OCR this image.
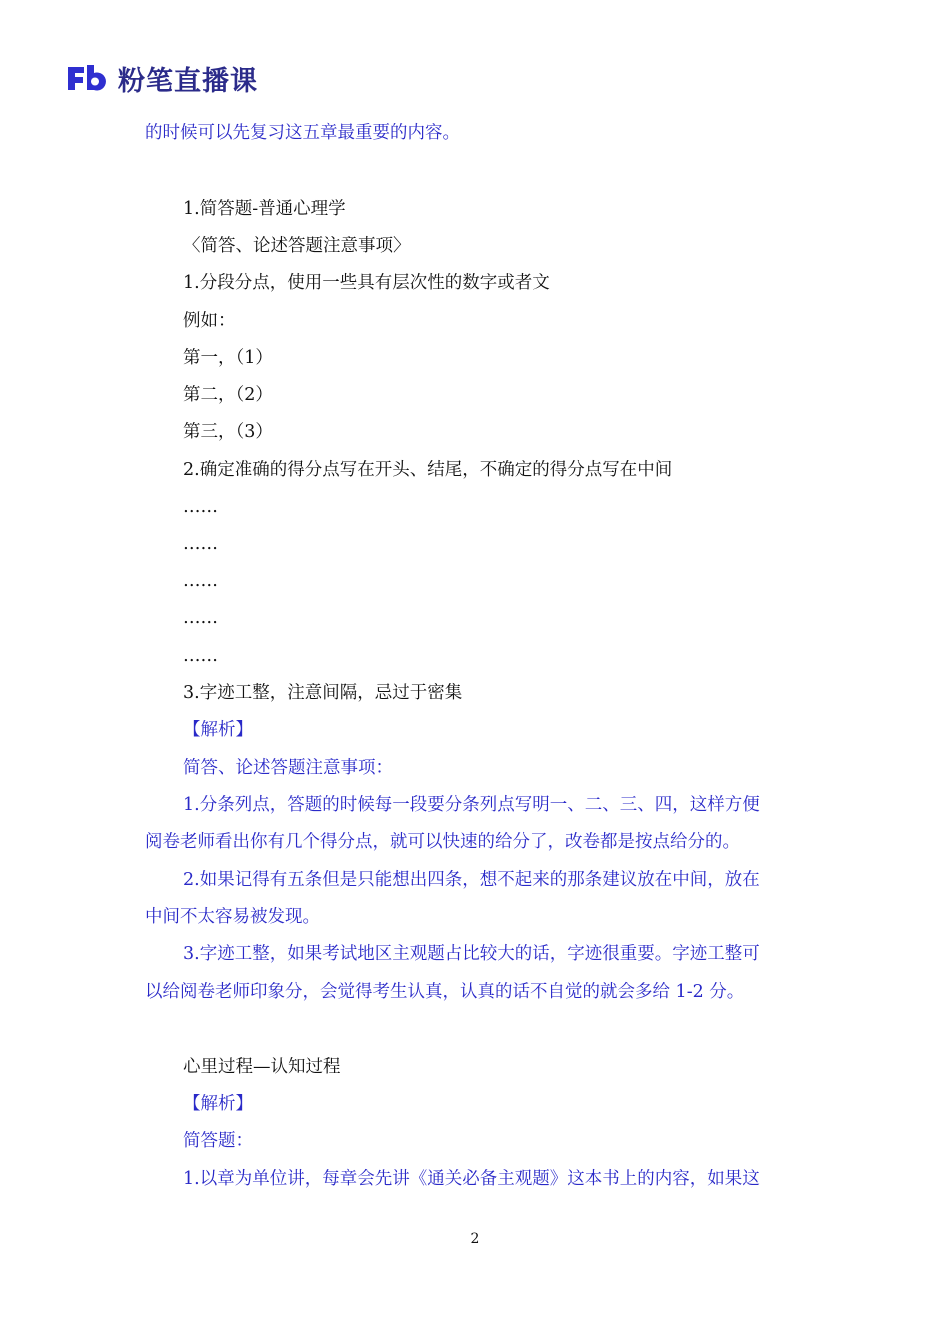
粉笔直播课
的时候可以先复习这五章最重要的内容。
1.简答题-普通心理学
〈简答、论述答题注意事项〉
1.分段分点，使用一些具有层次性的数字或者文
例如：
第一，（1）
第二，（2）
第三，（3）
2.确定准确的得分点写在开头、结尾，不确定的得分点写在中间
……
……
……
……
……
3.字迹工整，注意间隔，忌过于密集
【解析】
简答、论述答题注意事项：
1.分条列点，答题的时候每一段要分条列点写明一、二、三、四，这样方便
阅卷老师看出你有几个得分点，就可以快速的给分了，改卷都是按点给分的。
2.如果记得有五条但是只能想出四条，想不起来的那条建议放在中间，放在
中间不太容易被发现。
3.字迹工整，如果考试地区主观题占比较大的话，字迹很重要。字迹工整可
以给阅卷老师印象分，会觉得考生认真，认真的话不自觉的就会多给 1-2 分。
心里过程—认知过程
【解析】
简答题：
1.以章为单位讲，每章会先讲《通关必备主观题》这本书上的内容，如果这
2
